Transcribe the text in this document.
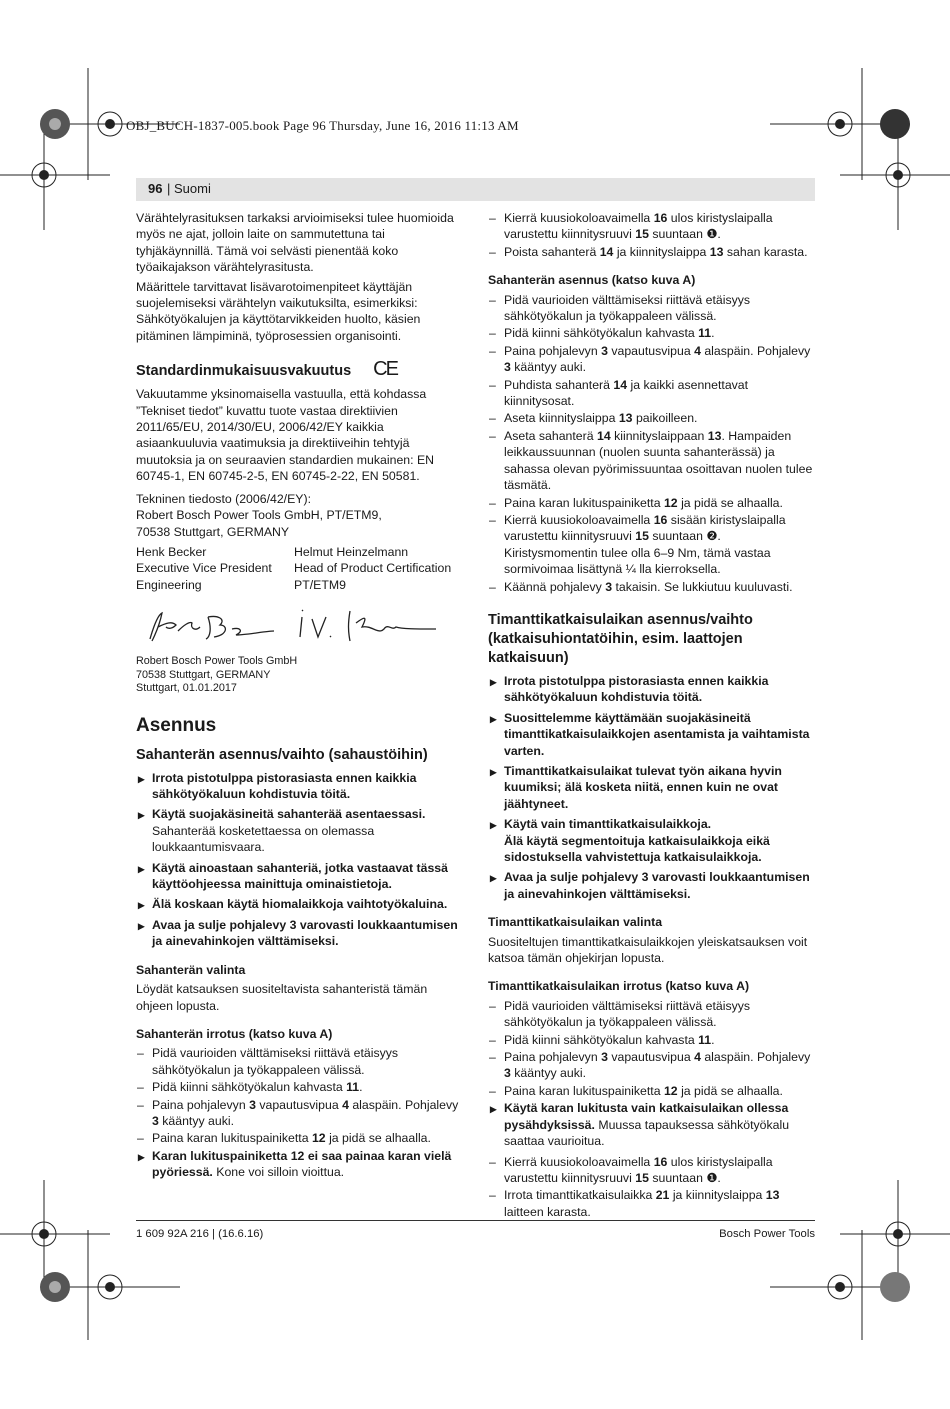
OBJ_BUCH-1837-005.book Page 96 Thursday, June 16, 2016 11:13 AM
96 | Suomi

Värähtelyrasituksen tarkaksi arvioimiseksi tulee huomioida myös ne ajat, jolloin laite on sammutettuna tai tyhjäkäynnillä. Tämä voi selvästi pienentää koko työaikajakson värähtelyrasitusta.

Määrittele tarvittavat lisävarotoimenpiteet käyttäjän suojelemiseksi värähtelyn vaikutuksilta, esimerkiksi: Sähkötyökalujen ja käyttötarvikkeiden huolto, käsien pitäminen lämpiminä, työprosessien organisointi.

Standardinmukaisuusvakuutus CE

Vakuutamme yksinomaisella vastuulla, että kohdassa ”Tekniset tiedot” kuvattu tuote vastaa direktiivien 2011/65/EU, 2014/30/EU, 2006/42/EY kaikkia asiaankuuluvia vaatimuksia ja direktiiveihin tehtyjä muutoksia ja on seuraavien standardien mukainen: EN 60745-1, EN 60745-2-5, EN 60745-2-22, EN 50581.

Tekninen tiedosto (2006/42/EY):

Robert Bosch Power Tools GmbH, PT/ETM9,

70538 Stuttgart, GERMANY

Henk Becker
Executive Vice President
Engineering
Helmut Heinzelmann
Head of Product Certification
PT/ETM9
Robert Bosch Power Tools GmbH
70538 Stuttgart, GERMANY
Stuttgart, 01.01.2017
Asennus
Sahanterän asennus/vaihto (sahaustöihin)
▶ Irrota pistotulppa pistorasiasta ennen kaikkia sähkötyökaluun kohdistuvia töitä.
▶ Käytä suojakäsineitä sahanterää asentaessasi. Sahanterää kosketettaessa on olemassa loukkaantumisvaara.
▶ Käytä ainoastaan sahanteriä, jotka vastaavat tässä käyttöohjeessa mainittuja ominaistietoja.
▶ Älä koskaan käytä hiomalaikkoja vaihtotyökaluina.
▶ Avaa ja sulje pohjalevy 3 varovasti loukkaantumisen ja ainevahinkojen välttämiseksi.
Sahanterän valinta

Löydät katsauksen suositeltavista sahanteristä tämän ohjeen lopusta.

Sahanterän irrotus (katso kuva A)
– Pidä vaurioiden välttämiseksi riittävä etäisyys sähkötyökalun ja työkappaleen välissä.
– Pidä kiinni sähkötyökalun kahvasta 11.
– Paina pohjalevyn 3 vapautusvipua 4 alaspäin. Pohjalevy 3 kääntyy auki.
– Paina karan lukituspainiketta 12 ja pidä se alhaalla.
▶ Karan lukituspainiketta 12 ei saa painaa karan vielä pyöriessä. Kone voi silloin vioittua.
– Kierrä kuusiokoloavaimella 16 ulos kiristyslaipalla varustettu kiinnitysruuvi 15 suuntaan ❶.
– Poista sahanterä 14 ja kiinnityslaippa 13 sahan karasta.
Sahanterän asennus (katso kuva A)
– Pidä vaurioiden välttämiseksi riittävä etäisyys sähkötyökalun ja työkappaleen välissä.
– Pidä kiinni sähkötyökalun kahvasta 11.
– Paina pohjalevyn 3 vapautusvipua 4 alaspäin. Pohjalevy 3 kääntyy auki.
– Puhdista sahanterä 14 ja kaikki asennettavat kiinnitysosat.
– Aseta kiinnityslaippa 13 paikoilleen.
– Aseta sahanterä 14 kiinnityslaippaan 13. Hampaiden leikkaussuunnan (nuolen suunta sahanterässä) ja sahassa olevan pyörimissuuntaa osoittavan nuolen tulee täsmätä.
– Paina karan lukituspainiketta 12 ja pidä se alhaalla.
– Kierrä kuusiokoloavaimella 16 sisään kiristyslaipalla varustettu kiinnitysruuvi 15 suuntaan ❷. Kiristysmomentin tulee olla 6–9 Nm, tämä vastaa sormivoimaa lisättynä ¼ lla kierroksella.
– Käännä pohjalevy 3 takaisin. Se lukkiutuu kuuluvasti.
Timanttikatkaisulaikan asennus/vaihto (katkaisuhiontatöihin, esim. laattojen katkaisuun)
▶ Irrota pistotulppa pistorasiasta ennen kaikkia sähkötyökaluun kohdistuvia töitä.
▶ Suosittelemme käyttämään suojakäsineitä timanttikatkaisulaikkojen asentamista ja vaihtamista varten.
▶ Timanttikatkaisulaikat tulevat työn aikana hyvin kuumiksi; älä kosketa niitä, ennen kuin ne ovat jäähtyneet.
▶ Käytä vain timanttikatkaisulaikkoja.
Älä käytä segmentoituja katkaisulaikkoja eikä sidostuksella vahvistettuja katkaisulaikkoja.
▶ Avaa ja sulje pohjalevy 3 varovasti loukkaantumisen ja ainevahinkojen välttämiseksi.
Timanttikatkaisulaikan valinta

Suositeltujen timanttikatkaisulaikkojen yleiskatsauksen voit katsoa tämän ohjekirjan lopusta.

Timanttikatkaisulaikan irrotus (katso kuva A)
– Pidä vaurioiden välttämiseksi riittävä etäisyys sähkötyökalun ja työkappaleen välissä.
– Pidä kiinni sähkötyökalun kahvasta 11.
– Paina pohjalevyn 3 vapautusvipua 4 alaspäin. Pohjalevy 3 kääntyy auki.
– Paina karan lukituspainiketta 12 ja pidä se alhaalla.
▶ Käytä karan lukitusta vain katkaisulaikan ollessa pysähdyksissä. Muussa tapauksessa sähkötyökalu saattaa vaurioitua.
– Kierrä kuusiokoloavaimella 16 ulos kiristyslaipalla varustettu kiinnitysruuvi 15 suuntaan ❶.
– Irrota timanttikatkaisulaikka 21 ja kiinnityslaippa 13 laitteen karasta.
1 609 92A 216 | (16.6.16)	Bosch Power Tools
